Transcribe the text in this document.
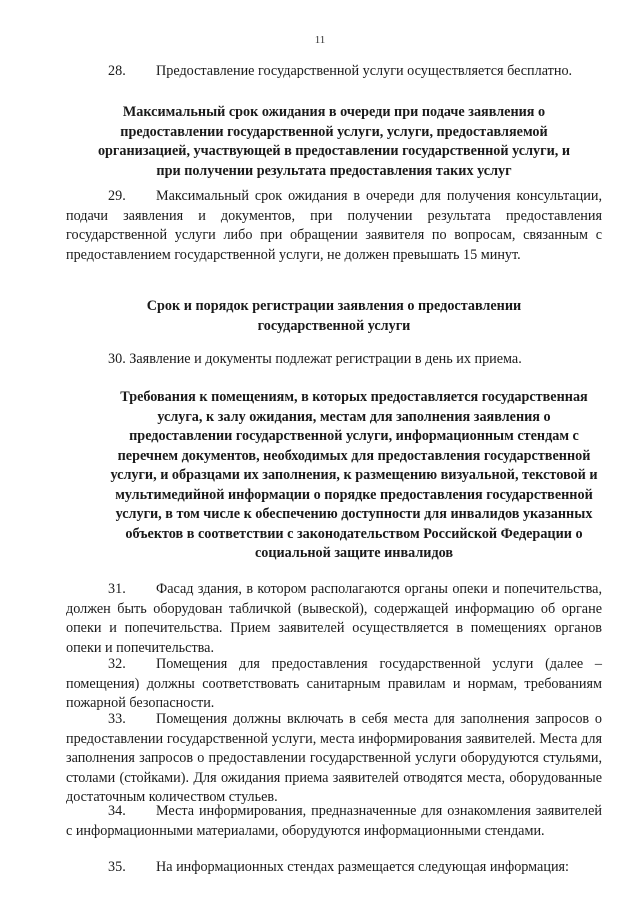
11

28. Предоставление государственной услуги осуществляется бесплатно.

Максимальный срок ожидания в очереди при подаче заявления о предоставлении государственной услуги, услуги, предоставляемой организацией, участвующей в предоставлении государственной услуги, и при получении результата предоставления таких услуг

29. Максимальный срок ожидания в очереди для получения консультации, подачи заявления и документов, при получении результата предоставления государственной услуги либо при обращении заявителя по вопросам, связанным с предоставлением государственной услуги, не должен превышать 15 минут.

Срок и порядок регистрации заявления о предоставлении государственной услуги

30. Заявление и документы подлежат регистрации в день их приема.

Требования к помещениям, в которых предоставляется государственная услуга, к залу ожидания, местам для заполнения заявления о предоставлении государственной услуги, информационным стендам с перечнем документов, необходимых для предоставления государственной услуги, и образцами их заполнения, к размещению визуальной, текстовой и мультимедийной информации о порядке предоставления государственной услуги, в том числе к обеспечению доступности для инвалидов указанных объектов в соответствии с законодательством Российской Федерации о социальной защите инвалидов

31. Фасад здания, в котором располагаются органы опеки и попечительства, должен быть оборудован табличкой (вывеской), содержащей информацию об органе опеки и попечительства. Прием заявителей осуществляется в помещениях органов опеки и попечительства.

32. Помещения для предоставления государственной услуги (далее – помещения) должны соответствовать санитарным правилам и нормам, требованиям пожарной безопасности.

33. Помещения должны включать в себя места для заполнения запросов о предоставлении государственной услуги, места информирования заявителей. Места для заполнения запросов о предоставлении государственной услуги оборудуются стульями, столами (стойками). Для ожидания приема заявителей отводятся места, оборудованные достаточным количеством стульев.

34. Места информирования, предназначенные для ознакомления заявителей с информационными материалами, оборудуются информационными стендами.

35. На информационных стендах размещается следующая информация:
